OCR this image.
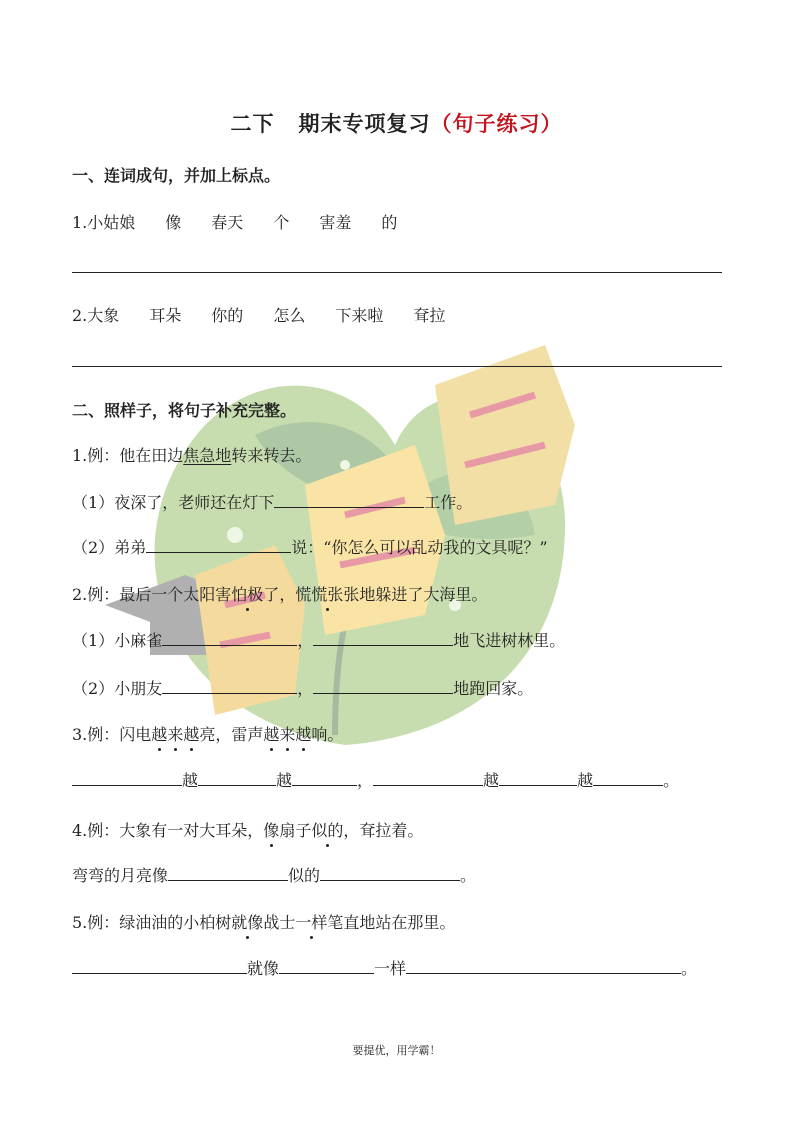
二下 期末专项复习（句子练习）
一、连词成句，并加上标点。
1.小姑娘 像 春天 个 害羞 的
2.大象 耳朵 你的 怎么 下来啦 耷拉
二、照样子，将句子补充完整。
1.例：他在田边焦急地转来转去。
（1）夜深了，老师还在灯下	工作。
（2）弟弟	说：“你怎么可以乱动我的文具呢？”
2.例：最后一个太阳害怕极了，慌慌张张地躲进了大海里。
（1）小麻雀	，	地飞进树林里。
（2）小朋友	，	地跑回家。
3.例：闪电越来越亮，雷声越来越响。
越	越	，	越	越	。
4.例：大象有一对大耳朵，像扇子似的，耷拉着。
弯弯的月亮像	似的	。
5.例：绿油油的小柏树就像战士一样笔直地站在那里。
就像	一样	。
要提优，用学霸！
